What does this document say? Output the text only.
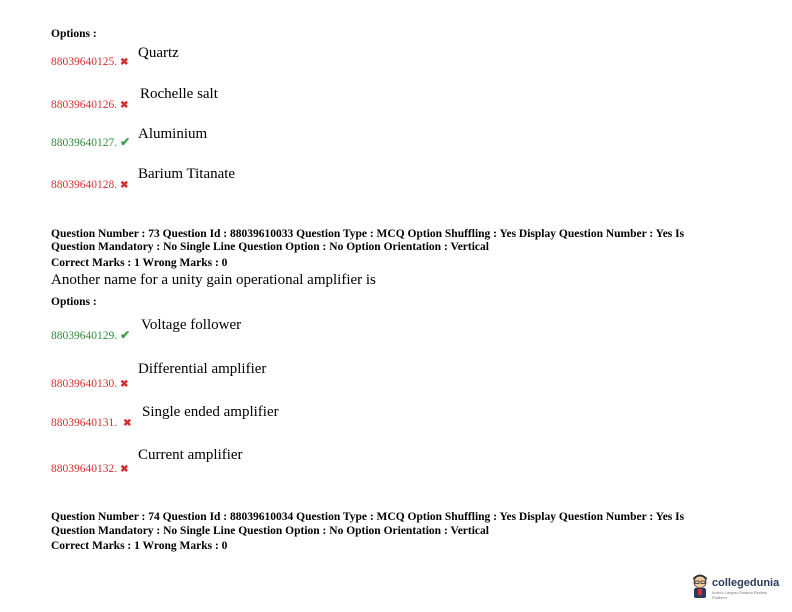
Options :
88039640125. ✖
Quartz
88039640126. ✖
Rochelle salt
88039640127. ✔ Aluminium
88039640128. ✖
Barium Titanate
Question Number : 73 Question Id : 88039610033 Question Type : MCQ Option Shuffling : Yes Display Question Number : Yes Is
Question Mandatory : No Single Line Question Option : No Option Orientation : Vertical
Correct Marks : 1 Wrong Marks : 0
Another name for a unity gain operational amplifier is
Options :
88039640129. ✔
Voltage follower
88039640130. ✖
Differential amplifier
88039640131. ✖
Single ended amplifier
88039640132. ✖
Current amplifier
Question Number : 74 Question Id : 88039610034 Question Type : MCQ Option Shuffling : Yes Display Question Number : Yes Is
Question Mandatory : No Single Line Question Option : No Option Orientation : Vertical
Correct Marks : 1 Wrong Marks : 0
collegedunia
India's Largest Student Review Platform
